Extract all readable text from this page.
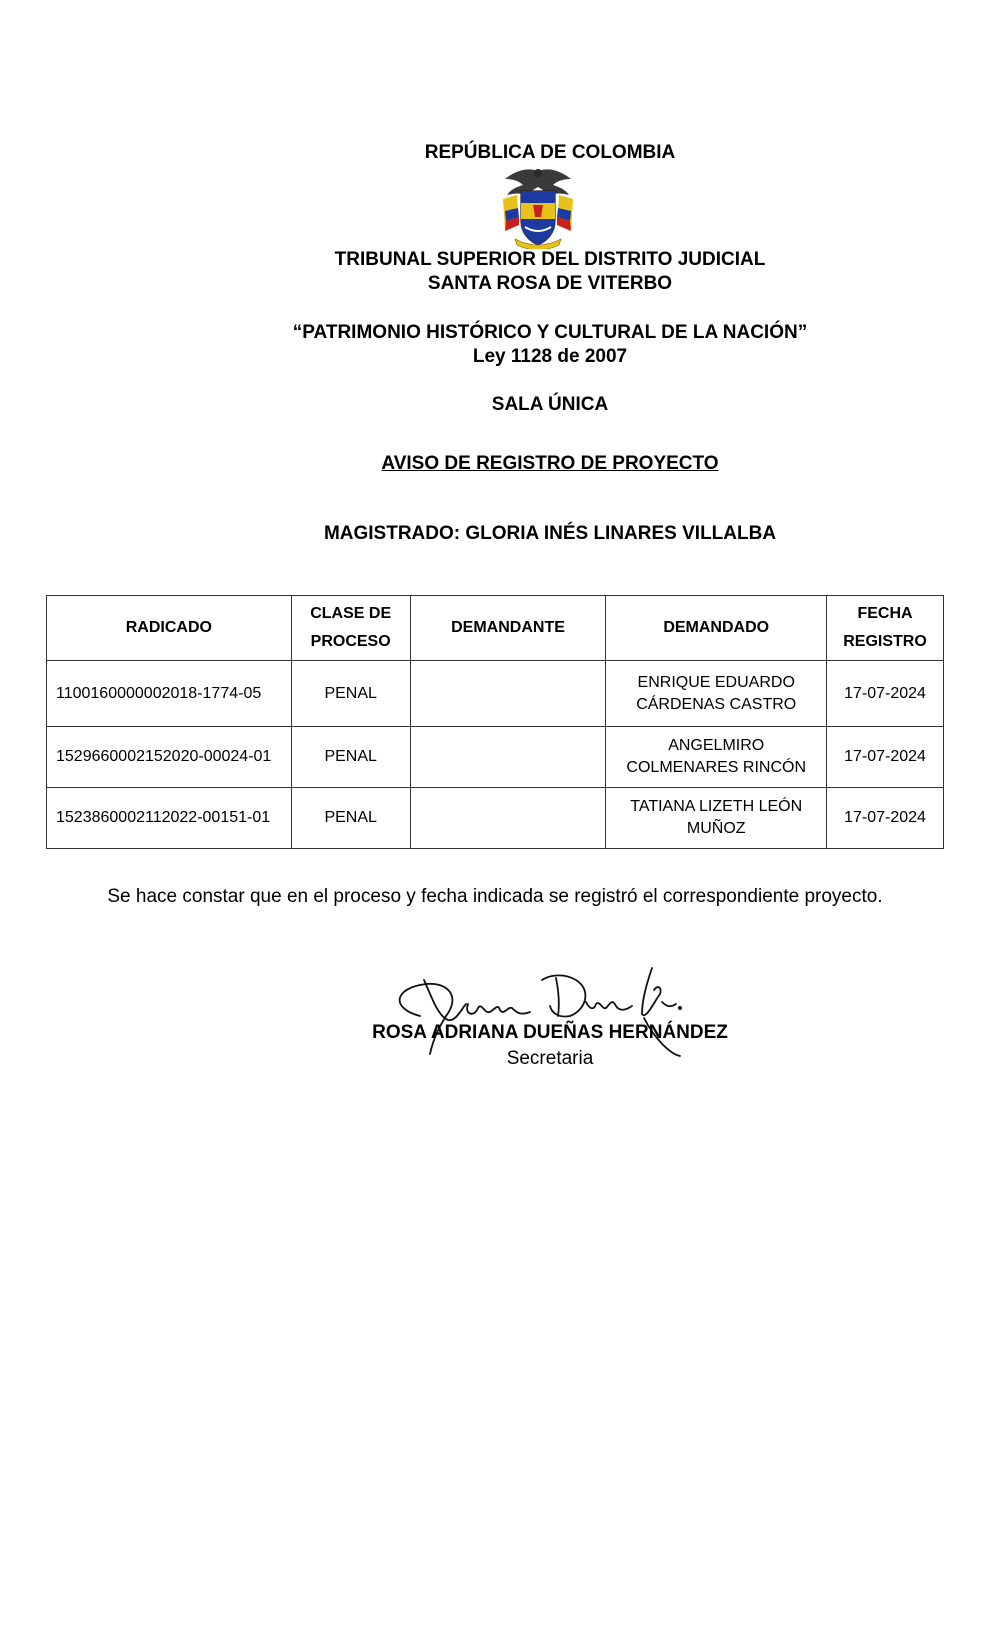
REPÚBLICA DE COLOMBIA
TRIBUNAL SUPERIOR DEL DISTRITO JUDICIAL
SANTA ROSA DE VITERBO
“PATRIMONIO HISTÓRICO Y CULTURAL DE LA NACIÓN”
Ley 1128 de 2007
SALA ÚNICA
AVISO DE REGISTRO DE PROYECTO
MAGISTRADO: GLORIA INÉS LINARES VILLALBA
RADICADO	CLASE DE
PROCESO	DEMANDANTE	DEMANDADO	FECHA
REGISTRO
1100160000002018-1774-05	PENAL		ENRIQUE EDUARDO
CÁRDENAS CASTRO	17-07-2024
1529660002152020-00024-01	PENAL		ANGELMIRO
COLMENARES RINCÓN	17-07-2024
1523860002112022-00151-01	PENAL		TATIANA LIZETH LEÓN
MUÑOZ	17-07-2024
Se hace constar que en el proceso y fecha indicada se registró el correspondiente proyecto.
ROSA ADRIANA DUEÑAS HERNÁNDEZ
Secretaria
